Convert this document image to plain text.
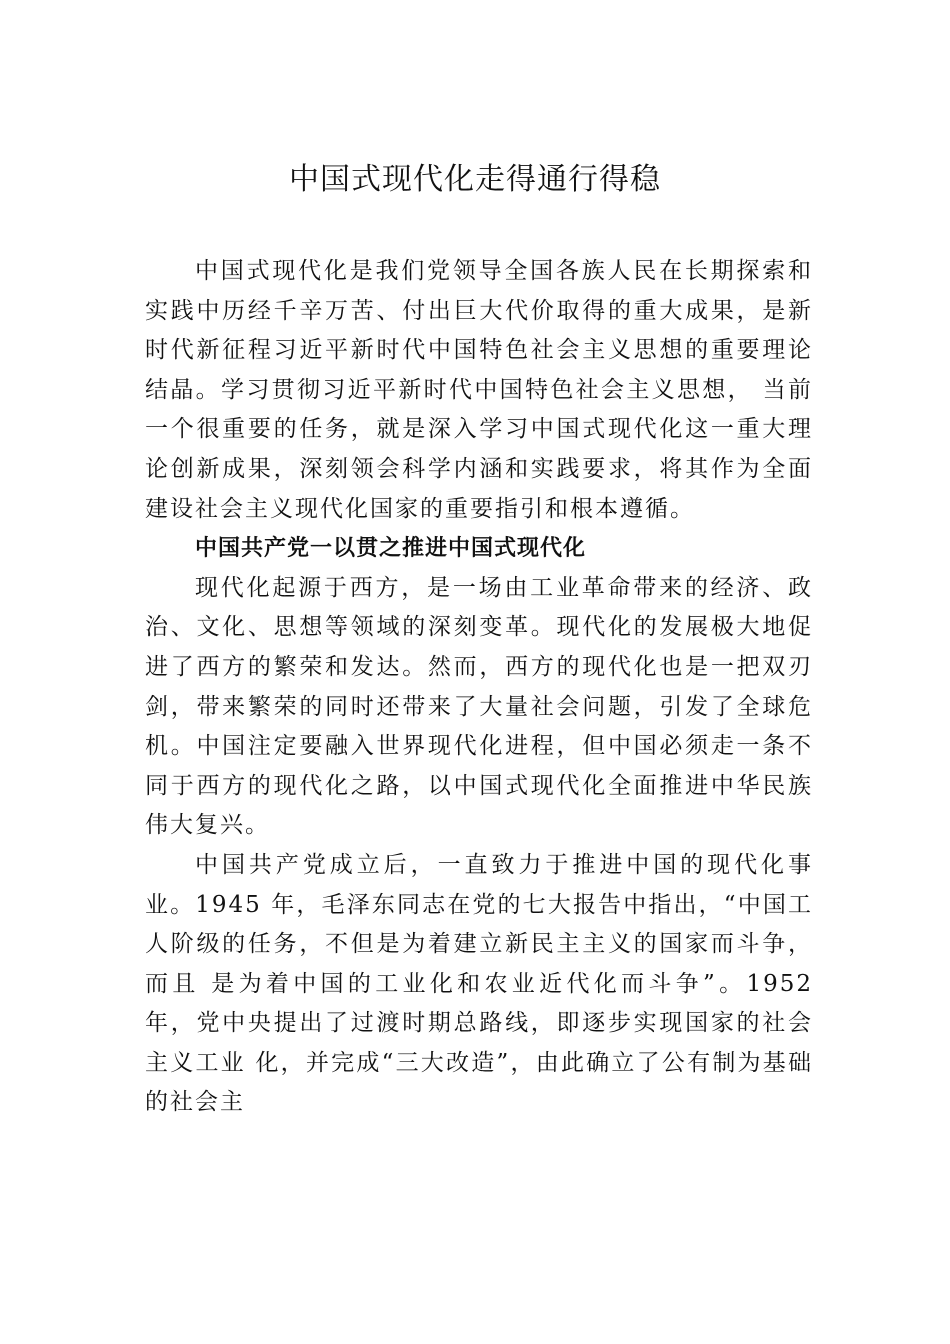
中国式现代化走得通行得稳

中国式现代化是我们党领导全国各族人民在长期探索和实践中历经千辛万苦、付出巨大代价取得的重大成果，是新时代新征程习近平新时代中国特色社会主义思想的重要理论结晶。学习贯彻习近平新时代中国特色社会主义思想， 当前一个很重要的任务，就是深入学习中国式现代化这一重大理论创新成果，深刻领会科学内涵和实践要求，将其作为全面建设社会主义现代化国家的重要指引和根本遵循。

中国共产党一以贯之推进中国式现代化

现代化起源于西方，是一场由工业革命带来的经济、政治、文化、思想等领域的深刻变革。现代化的发展极大地促进了西方的繁荣和发达。然而，西方的现代化也是一把双刃剑，带来繁荣的同时还带来了大量社会问题，引发了全球危机。中国注定要融入世界现代化进程，但中国必须走一条不同于西方的现代化之路，以中国式现代化全面推进中华民族伟大复兴。

中国共产党成立后，一直致力于推进中国的现代化事业。1945 年，毛泽东同志在党的七大报告中指出，“中国工人阶级的任务，不但是为着建立新民主主义的国家而斗争，而且 是为着中国的工业化和农业近代化而斗争”。1952 年，党中央提出了过渡时期总路线，即逐步实现国家的社会主义工业 化，并完成“三大改造”，由此确立了公有制为基础的社会主
